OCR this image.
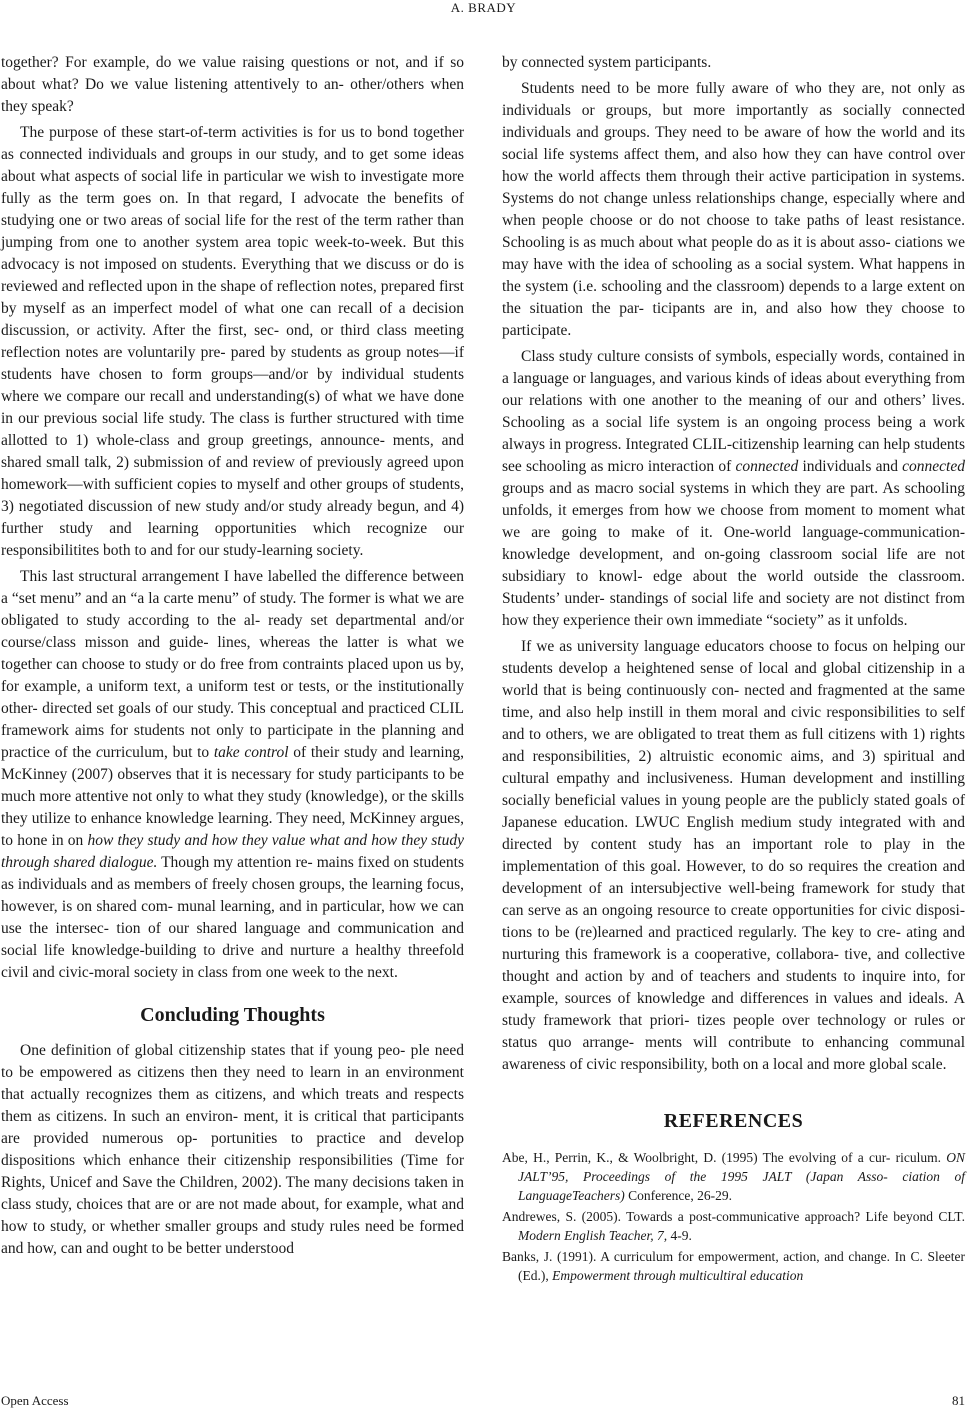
A. BRADY

together? For example, do we value raising questions or not, and if so about what? Do we value listening attentively to an- other/others when they speak?

The purpose of these start-of-term activities is for us to bond together as connected individuals and groups in our study, and to get some ideas about what aspects of social life in particular we wish to investigate more fully as the term goes on. In that regard, I advocate the benefits of studying one or two areas of social life for the rest of the term rather than jumping from one to another system area topic week-to-week. But this advocacy is not imposed on students. Everything that we discuss or do is reviewed and reflected upon in the shape of reflection notes, prepared first by myself as an imperfect model of what one can recall of a decision discussion, or activity. After the first, sec- ond, or third class meeting reflection notes are voluntarily pre- pared by students as group notes—if students have chosen to form groups—and/or by individual students where we compare our recall and understanding(s) of what we have done in our previous social life study. The class is further structured with time allotted to 1) whole-class and group greetings, announce- ments, and shared small talk, 2) submission of and review of previously agreed upon homework—with sufficient copies to myself and other groups of students, 3) negotiated discussion of new study and/or study already begun, and 4) further study and learning opportunities which recognize our responsibilitites both to and for our study-learning society.

This last structural arrangement I have labelled the difference between a “set menu” and an “a la carte menu” of study. The former is what we are obligated to study according to the al- ready set departmental and/or course/class misson and guide- lines, whereas the latter is what we together can choose to study or do free from contraints placed upon us by, for example, a uniform text, a uniform test or tests, or the institutionally other- directed set goals of our study. This conceptual and practiced CLIL framework aims for students not only to participate in the planning and practice of the curriculum, but to take control of their study and learning, McKinney (2007) observes that it is necessary for study participants to be much more attentive not only to what they study (knowledge), or the skills they utilize to enhance knowledge learning. They need, McKinney argues, to hone in on how they study and how they value what and how they study through shared dialogue. Though my attention re- mains fixed on students as individuals and as members of freely chosen groups, the learning focus, however, is on shared com- munal learning, and in particular, how we can use the intersec- tion of our shared language and communication and social life knowledge-building to drive and nurture a healthy threefold civil and civic-moral society in class from one week to the next.

Concluding Thoughts

One definition of global citizenship states that if young peo- ple need to be empowered as citizens then they need to learn in an environment that actually recognizes them as citizens, and which treats and respects them as citizens. In such an environ- ment, it is critical that participants are provided numerous op- portunities to practice and develop dispositions which enhance their citizenship responsibilities (Time for Rights, Unicef and Save the Children, 2002). The many decisions taken in class study, choices that are or are not made about, for example, what and how to study, or whether smaller groups and study rules need be formed and how, can and ought to be better understood

by connected system participants.

Students need to be more fully aware of who they are, not only as individuals or groups, but more importantly as socially connected individuals and groups. They need to be aware of how the world and its social life systems affect them, and also how they can have control over how the world affects them through their active participation in systems. Systems do not change unless relationships change, especially where and when people choose or do not choose to take paths of least resistance. Schooling is as much about what people do as it is about asso- ciations we may have with the idea of schooling as a social system. What happens in the system (i.e. schooling and the classroom) depends to a large extent on the situation the par- ticipants are in, and also how they choose to participate.

Class study culture consists of symbols, especially words, contained in a language or languages, and various kinds of ideas about everything from our relations with one another to the meaning of our and others’ lives. Schooling as a social life system is an ongoing process being a work always in progress. Integrated CLIL-citizenship learning can help students see schooling as micro interaction of connected individuals and connected groups and as macro social systems in which they are part. As schooling unfolds, it emerges from how we choose from moment to moment what we are going to make of it. One-world language-communication-knowledge development, and on-going classroom social life are not subsidiary to knowl- edge about the world outside the classroom. Students’ under- standings of social life and society are not distinct from how they experience their own immediate “society” as it unfolds.

If we as university language educators choose to focus on helping our students develop a heightened sense of local and global citizenship in a world that is being continuously con- nected and fragmented at the same time, and also help instill in them moral and civic responsibilities to self and to others, we are obligated to treat them as full citizens with 1) rights and responsibilities, 2) altruistic economic aims, and 3) spiritual and cultural empathy and inclusiveness. Human development and instilling socially beneficial values in young people are the publicly stated goals of Japanese education. LWUC English medium study integrated with and directed by content study has an important role to play in the implementation of this goal. However, to do so requires the creation and development of an intersubjective well-being framework for study that can serve as an ongoing resource to create opportunities for civic disposi- tions to be (re)learned and practiced regularly. The key to cre- ating and nurturing this framework is a cooperative, collabora- tive, and collective thought and action by and of teachers and students to inquire into, for example, sources of knowledge and differences in values and ideals. A study framework that priori- tizes people over technology or rules or status quo arrange- ments will contribute to enhancing communal awareness of civic responsibility, both on a local and more global scale.

REFERENCES
Abe, H., Perrin, K., & Woolbright, D. (1995) The evolving of a cur- riculum. ON JALT’95, Proceedings of the 1995 JALT (Japan Asso- ciation of LanguageTeachers) Conference, 26-29.
Andrewes, S. (2005). Towards a post-communicative approach? Life beyond CLT. Modern English Teacher, 7, 4-9.
Banks, J. (1991). A curriculum for empowerment, action, and change. In C. Sleeter (Ed.), Empowerment through multicultiral education
Open Access	81
